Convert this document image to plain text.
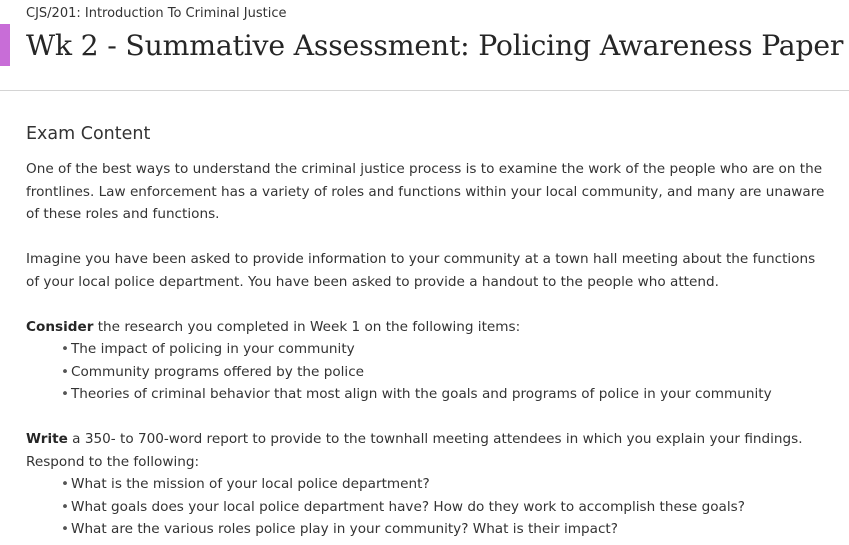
CJS/201: Introduction To Criminal Justice
Wk 2 - Summative Assessment: Policing Awareness Paper
Exam Content

One of the best ways to understand the criminal justice process is to examine the work of the people who are on the frontlines. Law enforcement has a variety of roles and functions within your local community, and many are unaware of these roles and functions.

Imagine you have been asked to provide information to your community at a town hall meeting about the functions of your local police department. You have been asked to provide a handout to the people who attend.

Consider the research you completed in Week 1 on the following items:

• The impact of policing in your community
• Community programs offered by the police
• Theories of criminal behavior that most align with the goals and programs of police in your community

Write a 350- to 700-word report to provide to the townhall meeting attendees in which you explain your findings. Respond to the following:

• What is the mission of your local police department?
• What goals does your local police department have? How do they work to accomplish these goals?
• What are the various roles police play in your community? What is their impact?
